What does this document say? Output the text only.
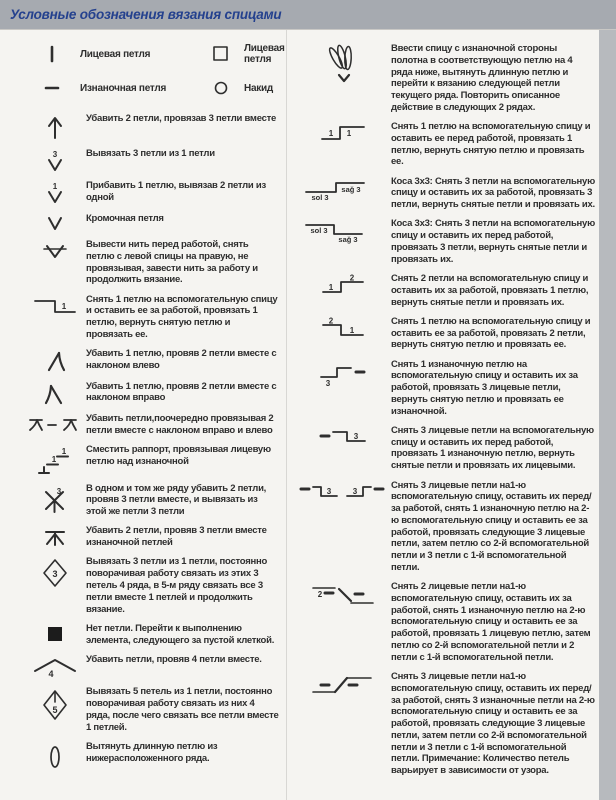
Условные обозначения вязания спицами
Лицевая петля	Лицевая петля
Изнаночная петля	Накид
Убавить 2 петли, провязав 3 петли вместе
3	Вывязать 3 петли из 1 петли
1	Прибавить 1 петлю, вывязав 2 петли из одной
Кромочная петля
Вывести нить перед работой, снять петлю с левой спицы на правую, не провязывая, завести нить за работу и продолжить вязание.
1
Снять 1 петлю на вспомогательную спицу и оставить ее за работой, провязать 1 петлю, вернуть снятую петлю и провязать ее.
Убавить 1 петлю, провяв 2 петли вместе с наклоном влево
Убавить 1 петлю, провяв 2 петли вместе с наклоном вправо
Убавить петли,поочередно провязывая 2 петли вместе с наклоном вправо и влево
1
1
Сместить раппорт, провязывая лицевую петлю над изнаночной
3	В одном и том же ряду убавить 2 петли, провяв 3 петли вместе, и вывязать из этой же петли 3 петли
Убавить 2 петли, провяв 3 петли вместе изнаночной петлей
3
Вывязать 3 петли из 1 петли, постоянно поворачивая работу связать из этих 3 петель 4 ряда, в 5-м ряду связать все 3 петли вместе 1 петлей и продолжить вязание.
Нет петли. Перейти к выполнению элемента, следующего за пустой клеткой.
4
Убавить петли, провяв 4 петли вместе.
5
Вывязать 5 петель из 1 петли, постоянно поворачивая работу связать из них 4 ряда, после чего связать все петли вместе 1 петлей.
Вытянуть длинную петлю из нижерасположенного ряда.
Ввести спицу с изнаночной стороны полотна в соответствующую петлю на 4 ряда ниже, вытянуть длинную петлю и перейти к вязанию следующей петли текущего ряда. Повторить описанное действие в следующих 2 рядах.
1 1
Снять 1 петлю на вспомогательную спицу и оставить ее перед работой, провязать 1 петлю, вернуть снятую петлю и провязать ее.
sol 3
sağ 3
Коса 3х3: Снять 3 петли на вспомогательную спицу и оставить их за работой, провязать 3 петли, вернуть снятые петли и провязать их.
sol 3
sağ 3
Коса 3х3: Снять 3 петли на вспомогательную спицу и оставить их перед работой, провязать 3 петли, вернуть снятые петли и провязать их.
1
2	Снять 2 петли на вспомогательную спицу и оставить их за работой, провязать 1 петлю, вернуть снятые петли и провязать их.
2
1
Снять 1 петлю на вспомогательную спицу и оставить ее за работой, провязать 2 петли, вернуть снятую петлю и провязать ее.
3
Снять 1 изнаночную петлю на вспомогательную спицу и оставить их за работой, провязать 3 лицевые петли, вернуть снятую петлю и провязать ее изнаночной.
3
Снять 3 лицевые петли на вспомогательную спицу и оставить их перед работой, провязать 1 изнаночную петлю, вернуть снятые петли и провязать их лицевыми.
3	3
Снять 3 лицевые петли на1-ю вспомогательную спицу, оставить их перед/за работой, снять 1 изнаночную петлю на 2-ю вспомогательную спицу и оставить ее за работой, провязать следующие 3 лицевые петли, затем петлю со 2-й вспомогательной петли и 3 петли с 1-й вспомогательной петли.
2
Снять 2 лицевые петли на1-ю вспомогательную спицу, оставить их за работой, снять 1 изнаночную петлю на 2-ю вспомогательную спицу и оставить ее за работой, провязать 1 лицевую петлю, затем петлю со 2-й вспомогательной петли и 2 петли с 1-й вспомогательной петли.
Снять 3 лицевые петли на1-ю вспомогательную спицу, оставить их перед/за работой, снять 3 изнаночные петли на 2-ю вспомогательную спицу и оставить ее за работой, провязать следующие 3 лицевые петли, затем петли со 2-й вспомогательной петли и 3 петли с 1-й вспомогательной петли. Примечание: Количество петель варьирует в зависимости от узора.
